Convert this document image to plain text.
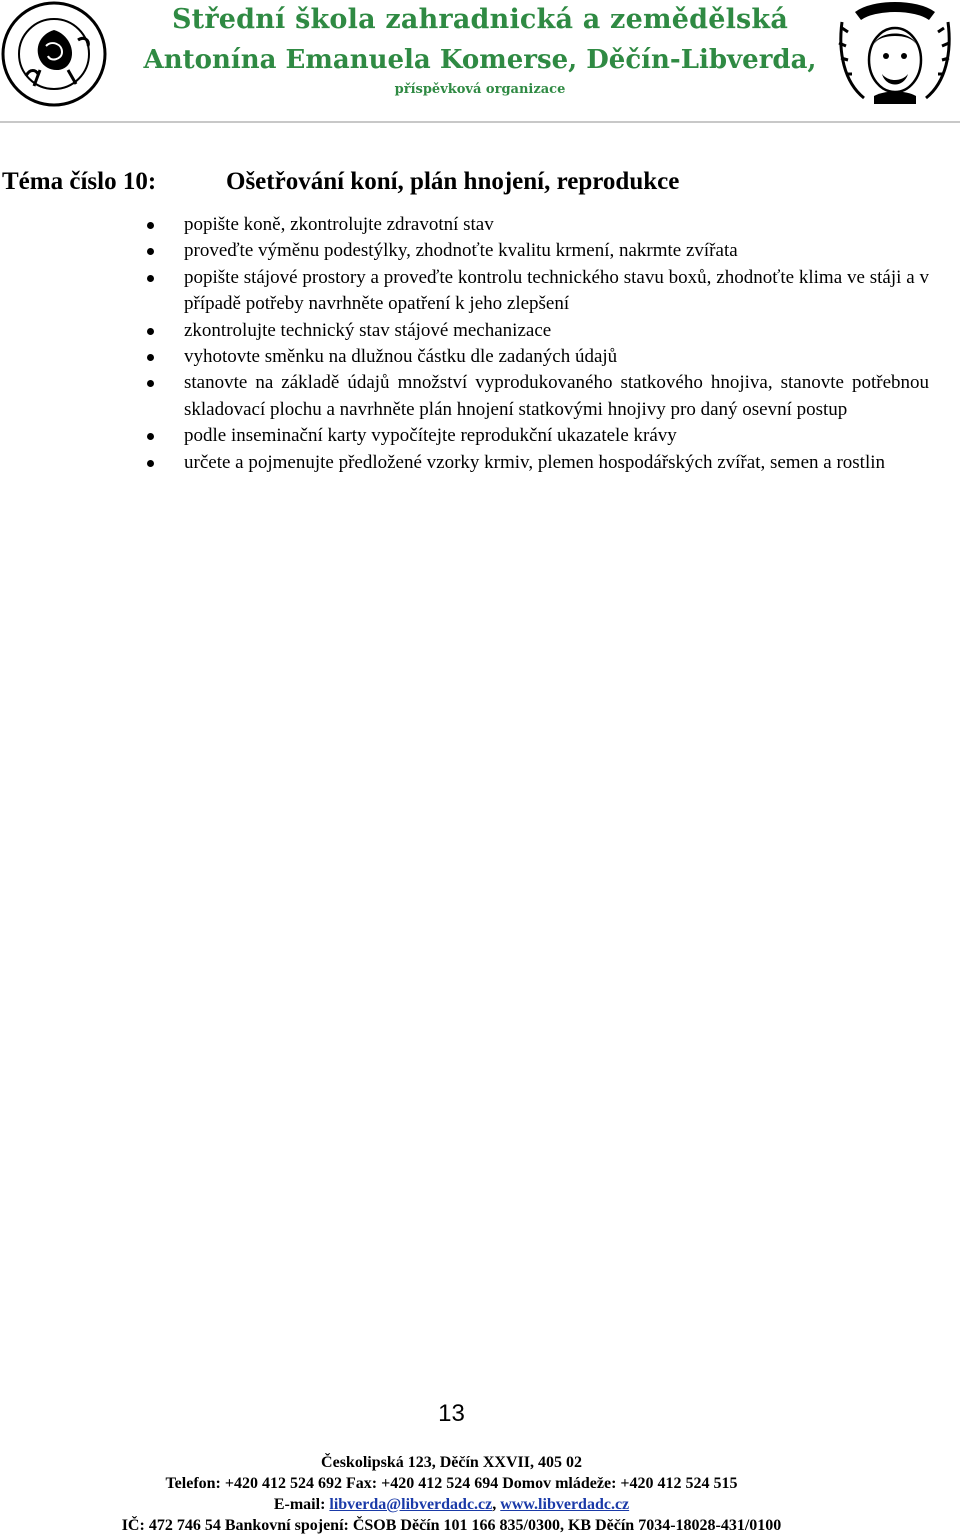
Střední škola zahradnická a zemědělská
Antonína Emanuela Komerse, Děčín-Libverda,
příspěvková organizace
Téma číslo 10:	Ošetřování koní, plán hnojení, reprodukce
popište koně, zkontrolujte zdravotní stav
proveďte výměnu podestýlky, zhodnoťte kvalitu krmení, nakrmte zvířata
popište stájové prostory a proveďte kontrolu technického stavu boxů, zhodnoťte klima ve stáji a v případě potřeby navrhněte opatření k jeho zlepšení
zkontrolujte technický stav stájové mechanizace
vyhotovte směnku na dlužnou částku dle zadaných údajů
stanovte na základě údajů množství vyprodukovaného statkového hnojiva, stanovte potřebnou skladovací plochu a navrhněte plán hnojení statkovými hnojivy pro daný osevní postup
podle inseminační karty vypočítejte reprodukční ukazatele krávy
určete a pojmenujte předložené vzorky krmiv, plemen hospodářských zvířat, semen a rostlin
13
Českolipská 123, Děčín XXVII, 405 02
Telefon: +420 412 524 692 Fax: +420 412 524 694 Domov mládeže: +420 412 524 515
E-mail: libverda@libverdadc.cz, www.libverdadc.cz
IČ: 472 746 54 Bankovní spojení: ČSOB Děčín 101 166 835/0300, KB Děčín 7034-18028-431/0100
